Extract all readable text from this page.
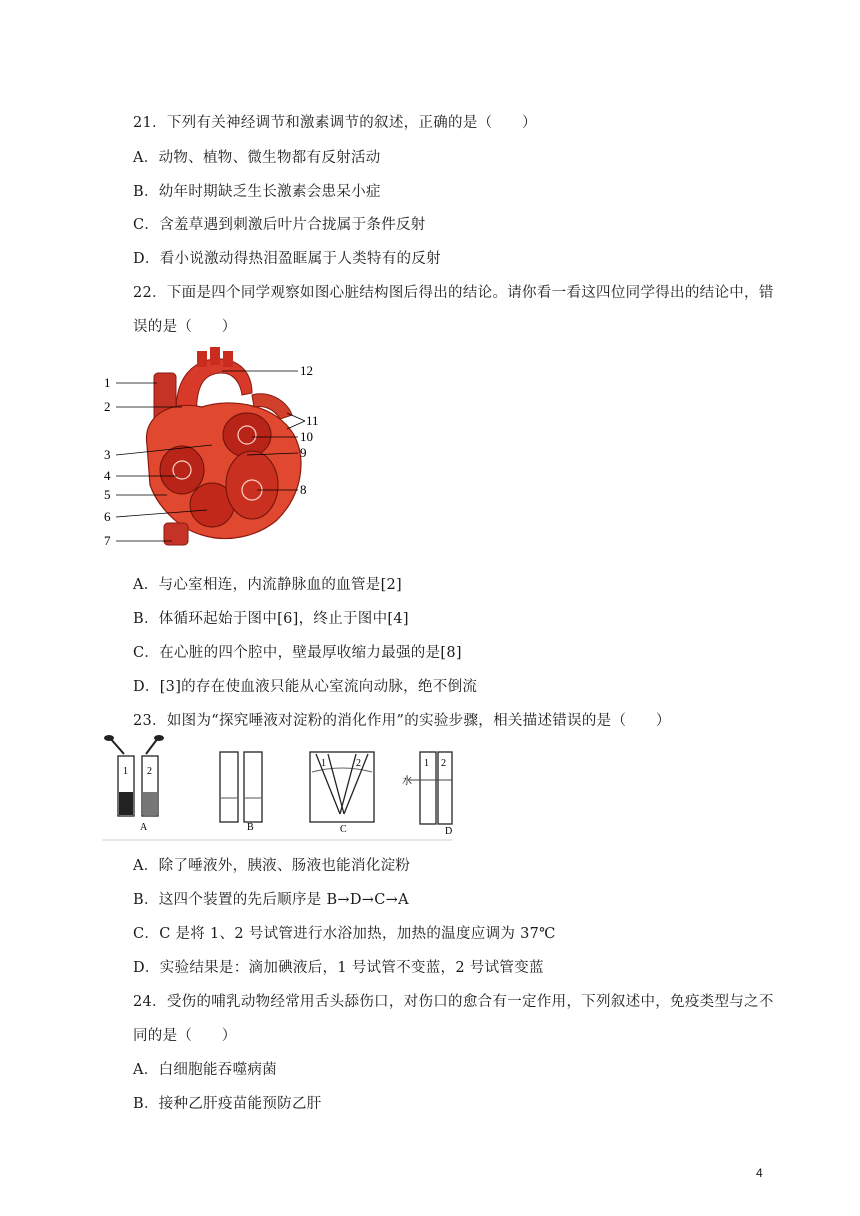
21．下列有关神经调节和激素调节的叙述，正确的是（　　）
A．动物、植物、微生物都有反射活动
B．幼年时期缺乏生长激素会患呆小症
C．含羞草遇到刺激后叶片合拢属于条件反射
D．看小说激动得热泪盈眶属于人类特有的反射
22．下面是四个同学观察如图心脏结构图后得出的结论。请你看一看这四位同学得出的结论中，错
误的是（　　）
1
2
3
4
5
6
7
12
11
10
9
8
A．与心室相连，内流静脉血的血管是[2]
B．体循环起始于图中[6]，终止于图中[4]
C．在心脏的四个腔中，壁最厚收缩力最强的是[8]
D．[3]的存在使血液只能从心室流向动脉，绝不倒流
23．如图为“探究唾液对淀粉的消化作用”的实验步骤，相关描述错误的是（　　）
1 2
A	B
1	2
C
1 2
水
D
A．除了唾液外，胰液、肠液也能消化淀粉
B．这四个装置的先后顺序是 B→D→C→A
C．C 是将 1、2 号试管进行水浴加热，加热的温度应调为 37℃
D．实验结果是：滴加碘液后，1 号试管不变蓝，2 号试管变蓝
24．受伤的哺乳动物经常用舌头舔伤口，对伤口的愈合有一定作用，下列叙述中，免疫类型与之不
同的是（　　）
A．白细胞能吞噬病菌
B．接种乙肝疫苗能预防乙肝
4
